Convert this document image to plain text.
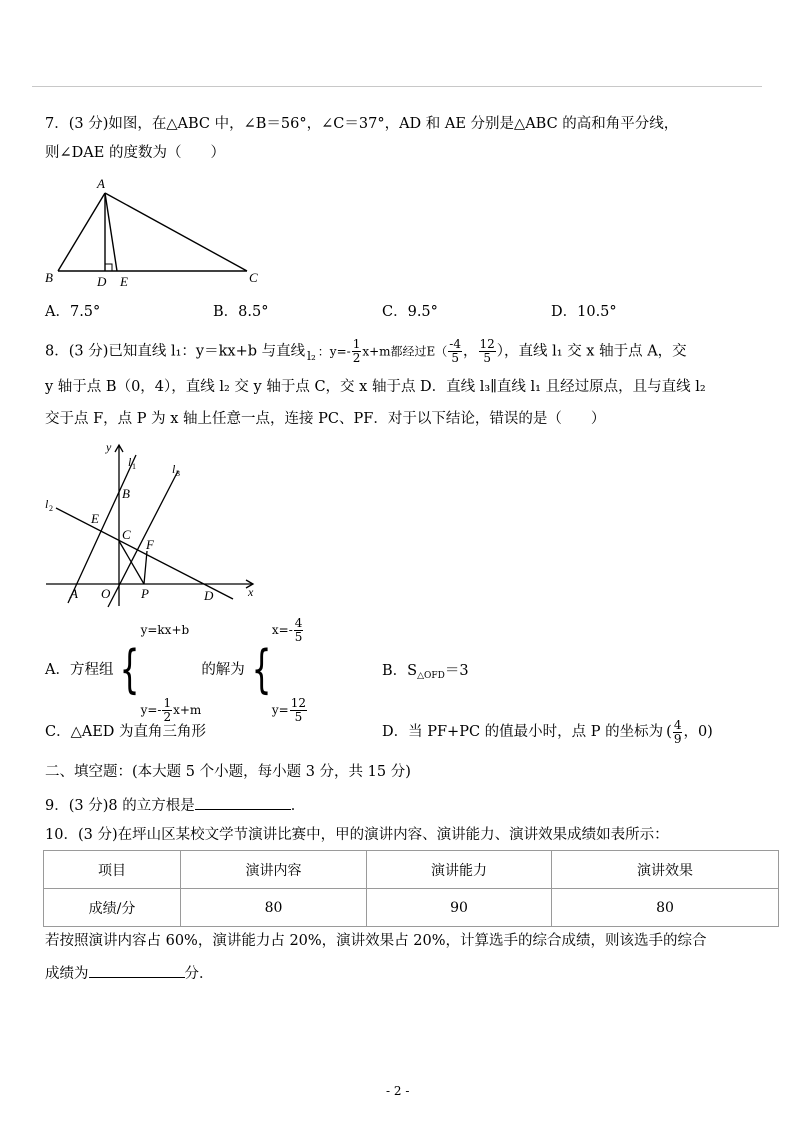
7．(3 分)如图，在△ABC 中，∠B＝56°，∠C＝37°，AD 和 AE 分别是△ABC 的高和角平分线，
则∠DAE 的度数为（　　）
A
B	C
D E
A．7.5°	B．8.5°	C．9.5°	D．10.5°
8．(3 分)已知直线 l₁：y＝kx+b 与直线 $_{l_2}$ ：$y=- \frac{1}{2} x+m$都经过$E( \frac{-4}{5}$ ， $\frac{12}{5}$ ），直线 l₁ 交 x 轴于点 A，交
y 轴于点 B（0，4），直线 l₂ 交 y 轴于点 C，交 x 轴于点 D．直线 l₃∥直线 l₁ 且经过原点，且与直线 l₂
交于点 F，点 P 为 x 轴上任意一点，连接 PC、PF．对于以下结论，错误的是（　　）
y
x
l 1
l 2
l 3
B
E
C
F
A O P	D
A．方程组 {
y=kx+b
$y=- \frac{1}{2} x+m$
的解为 {
$x=- \frac{4}{5}$
$y= \frac{12}{5}$
B．$S_{\triangle OFD}=3$
C．△AED 为直角三角形	D．当 PF+PC 的值最小时，点 P 的坐标为 ( $\frac{4}{9}$ ，0)
二、填空题：(本大题 5 个小题，每小题 3 分，共 15 分)
9．(3 分)8 的立方根是	．
10．(3 分)在坪山区某校文学节演讲比赛中，甲的演讲内容、演讲能力、演讲效果成绩如表所示：
项目	演讲内容	演讲能力	演讲效果
成绩/分	80	90	80
若按照演讲内容占 60%，演讲能力占 20%，演讲效果占 20%，计算选手的综合成绩，则该选手的综合
成绩为	分．
- 2 -
